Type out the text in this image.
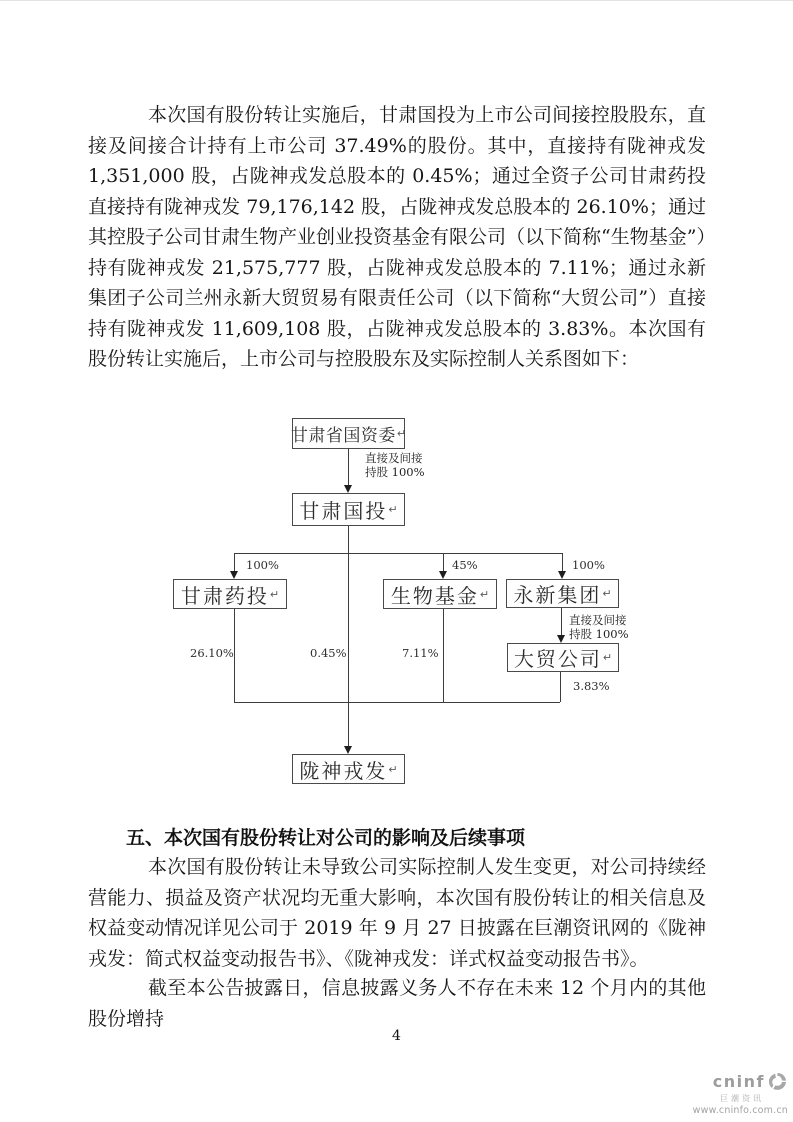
本次国有股份转让实施后，甘肃国投为上市公司间接控股股东，直接及间接合计持有上市公司 37.49%的股份。其中，直接持有陇神戎发 1,351,000 股，占陇神戎发总股本的 0.45%；通过全资子公司甘肃药投直接持有陇神戎发 79,176,142 股，占陇神戎发总股本的 26.10%；通过其控股子公司甘肃生物产业创业投资基金有限公司（以下简称“生物基金”）持有陇神戎发 21,575,777 股，占陇神戎发总股本的 7.11%；通过永新集团子公司兰州永新大贸贸易有限责任公司（以下简称“大贸公司”）直接持有陇神戎发 11,609,108 股，占陇神戎发总股本的 3.83%。本次国有股份转让实施后，上市公司与控股股东及实际控制人关系图如下：

甘肃省国资委 ↵
甘肃国投 ↵
甘肃药投 ↵	生物基金 ↵ 永新集团 ↵
大贸公司 ↵
陇神戎发 ↵
直接及间接
持股 100%
100%	45%	100%
直接及间接
持股 100%
26.10%	0.45%	7.11%
3.83%
五、本次国有股份转让对公司的影响及后续事项

本次国有股份转让未导致公司实际控制人发生变更，对公司持续经营能力、损益及资产状况均无重大影响，本次国有股份转让的相关信息及权益变动情况详见公司于 2019 年 9 月 27 日披露在巨潮资讯网的《陇神戎发：简式权益变动报告书》、《陇神戎发：详式权益变动报告书》。

截至本公告披露日，信息披露义务人不存在未来 12 个月内的其他股份增持

4
cninf
巨潮资讯
www.cninfo.com.cn
